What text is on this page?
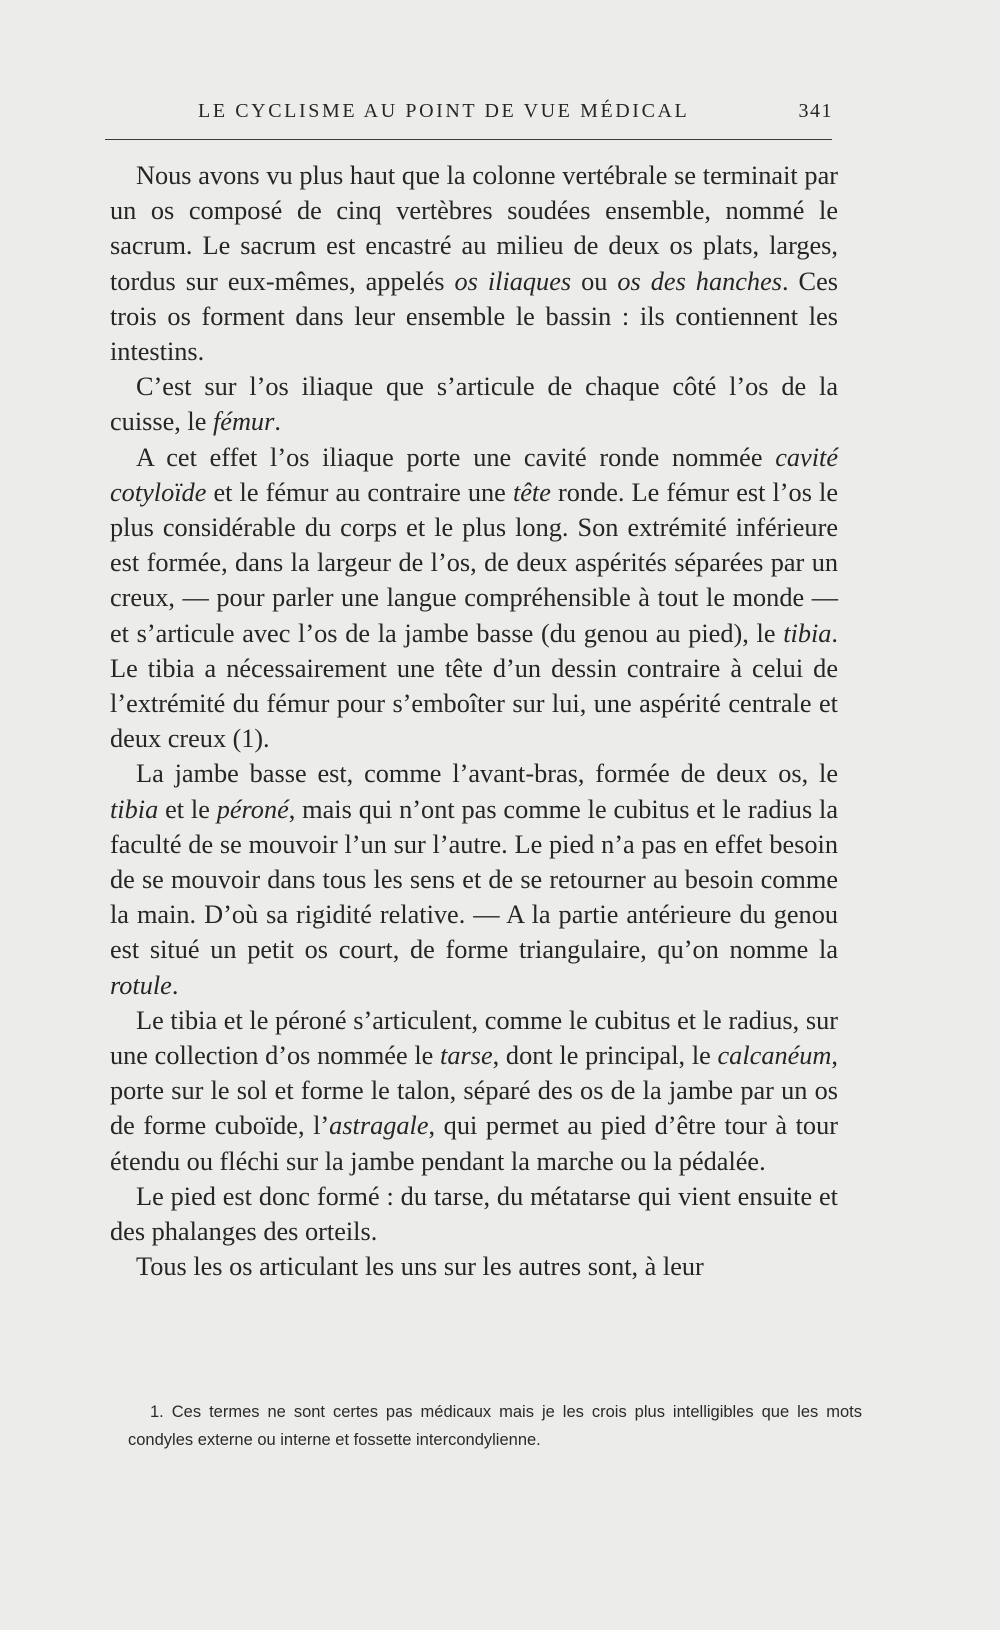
LE CYCLISME AU POINT DE VUE MÉDICAL	341

Nous avons vu plus haut que la colonne vertébrale se terminait par un os composé de cinq vertèbres soudées ensemble, nommé le sacrum. Le sacrum est encastré au milieu de deux os plats, larges, tordus sur eux-mêmes, appelés os iliaques ou os des hanches. Ces trois os forment dans leur ensemble le bassin : ils contiennent les intestins.

C’est sur l’os iliaque que s’articule de chaque côté l’os de la cuisse, le fémur.

A cet effet l’os iliaque porte une cavité ronde nommée cavité cotyloïde et le fémur au contraire une tête ronde. Le fémur est l’os le plus considérable du corps et le plus long. Son extrémité inférieure est formée, dans la largeur de l’os, de deux aspérités séparées par un creux, — pour parler une langue compréhensible à tout le monde — et s’articule avec l’os de la jambe basse (du genou au pied), le tibia. Le tibia a nécessairement une tête d’un dessin contraire à celui de l’extrémité du fémur pour s’emboîter sur lui, une aspérité centrale et deux creux (1).

La jambe basse est, comme l’avant-bras, formée de deux os, le tibia et le péroné, mais qui n’ont pas comme le cubitus et le radius la faculté de se mouvoir l’un sur l’autre. Le pied n’a pas en effet besoin de se mouvoir dans tous les sens et de se retourner au besoin comme la main. D’où sa rigidité relative. — A la partie antérieure du genou est situé un petit os court, de forme triangulaire, qu’on nomme la rotule.

Le tibia et le péroné s’articulent, comme le cubitus et le radius, sur une collection d’os nommée le tarse, dont le principal, le calcanéum, porte sur le sol et forme le talon, séparé des os de la jambe par un os de forme cuboïde, l’astragale, qui permet au pied d’être tour à tour étendu ou fléchi sur la jambe pendant la marche ou la pédalée.

Le pied est donc formé : du tarse, du métatarse qui vient ensuite et des phalanges des orteils.

Tous les os articulant les uns sur les autres sont, à leur

1. Ces termes ne sont certes pas médicaux mais je les crois plus intelligibles que les mots condyles externe ou interne et fossette intercondylienne.
